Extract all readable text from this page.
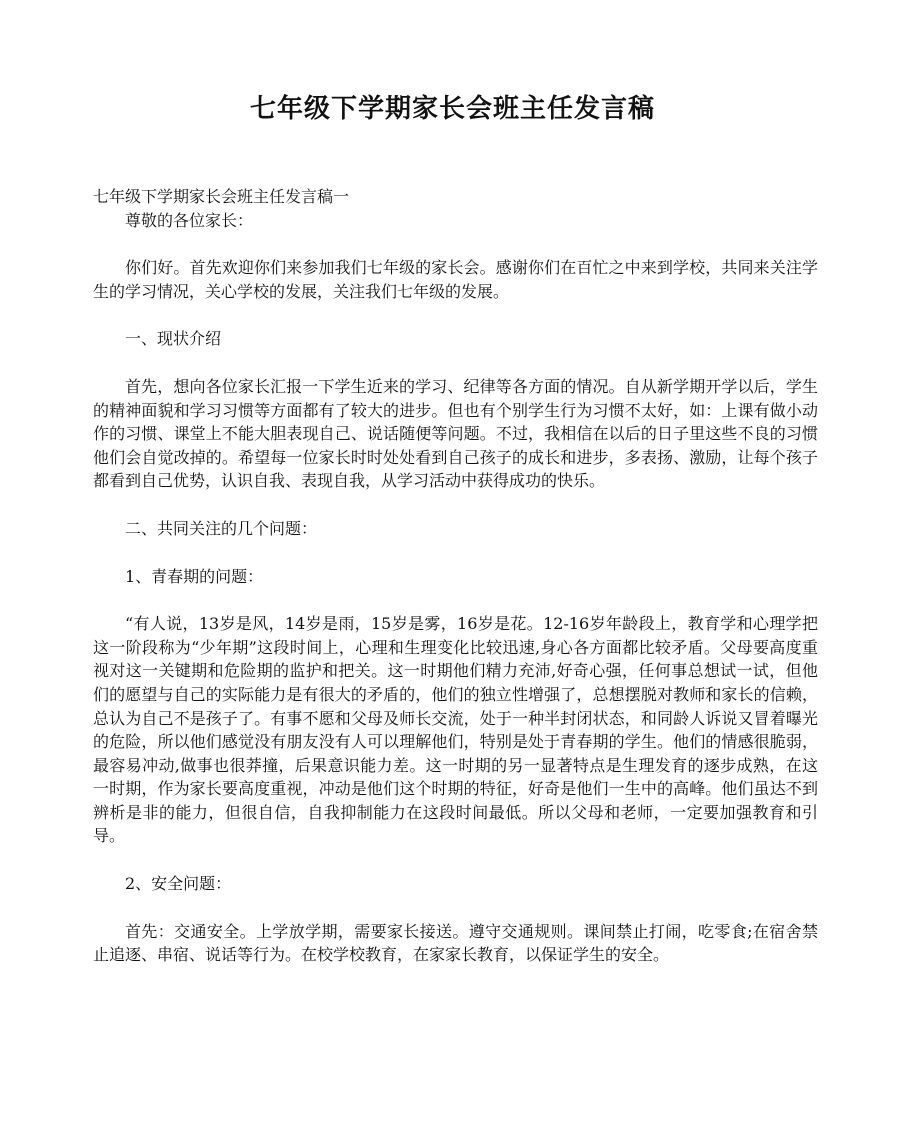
七年级下学期家长会班主任发言稿

七年级下学期家长会班主任发言稿一

尊敬的各位家长：

你们好。首先欢迎你们来参加我们七年级的家长会。感谢你们在百忙之中来到学校，共同来关注学生的学习情况，关心学校的发展，关注我们七年级的发展。

一、现状介绍

首先，想向各位家长汇报一下学生近来的学习、纪律等各方面的情况。自从新学期开学以后，学生的精神面貌和学习习惯等方面都有了较大的进步。但也有个别学生行为习惯不太好，如：上课有做小动作的习惯、课堂上不能大胆表现自己、说话随便等问题。不过，我相信在以后的日子里这些不良的习惯他们会自觉改掉的。希望每一位家长时时处处看到自己孩子的成长和进步，多表扬、激励，让每个孩子都看到自己优势，认识自我、表现自我，从学习活动中获得成功的快乐。

二、共同关注的几个问题：

1、青春期的问题：

“有人说，13岁是风，14岁是雨，15岁是雾，16岁是花。12-16岁年龄段上，教育学和心理学把这一阶段称为“少年期”这段时间上，心理和生理变化比较迅速,身心各方面都比较矛盾。父母要高度重视对这一关键期和危险期的监护和把关。这一时期他们精力充沛,好奇心强，任何事总想试一试，但他们的愿望与自己的实际能力是有很大的矛盾的，他们的独立性增强了，总想摆脱对教师和家长的信赖，总认为自己不是孩子了。有事不愿和父母及师长交流，处于一种半封闭状态，和同龄人诉说又冒着曝光的危险，所以他们感觉没有朋友没有人可以理解他们，特别是处于青春期的学生。他们的情感很脆弱，最容易冲动,做事也很莽撞，后果意识能力差。这一时期的另一显著特点是生理发育的逐步成熟，在这一时期，作为家长要高度重视，冲动是他们这个时期的特征，好奇是他们一生中的高峰。他们虽达不到辨析是非的能力，但很自信，自我抑制能力在这段时间最低。所以父母和老师，一定要加强教育和引导。

2、安全问题：

首先：交通安全。上学放学期，需要家长接送。遵守交通规则。课间禁止打闹，吃零食;在宿舍禁止追逐、串宿、说话等行为。在校学校教育，在家家长教育，以保证学生的安全。
